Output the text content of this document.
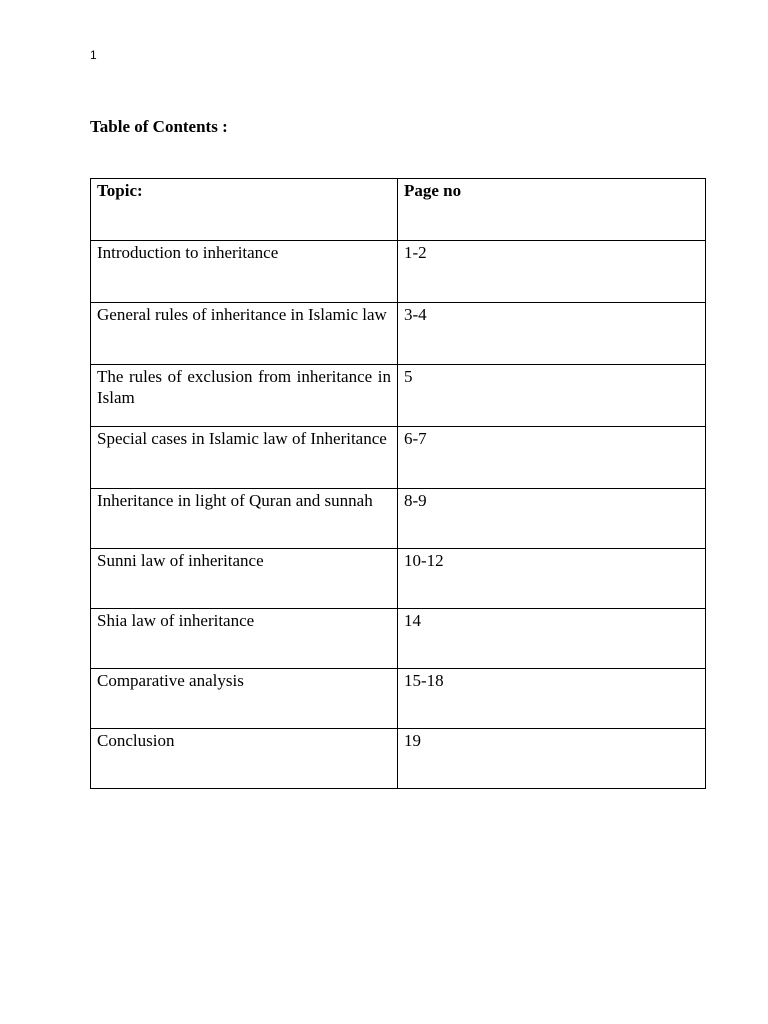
1
Table of Contents :
Topic:	Page no
Introduction to inheritance	1-2
General rules of inheritance in Islamic law	3-4
The rules of exclusion from inheritance in Islam	5
Special cases in Islamic law of Inheritance	6-7
Inheritance in light of Quran and sunnah	8-9
Sunni law of inheritance	10-12
Shia law of inheritance	14
Comparative analysis	15-18
Conclusion	19
